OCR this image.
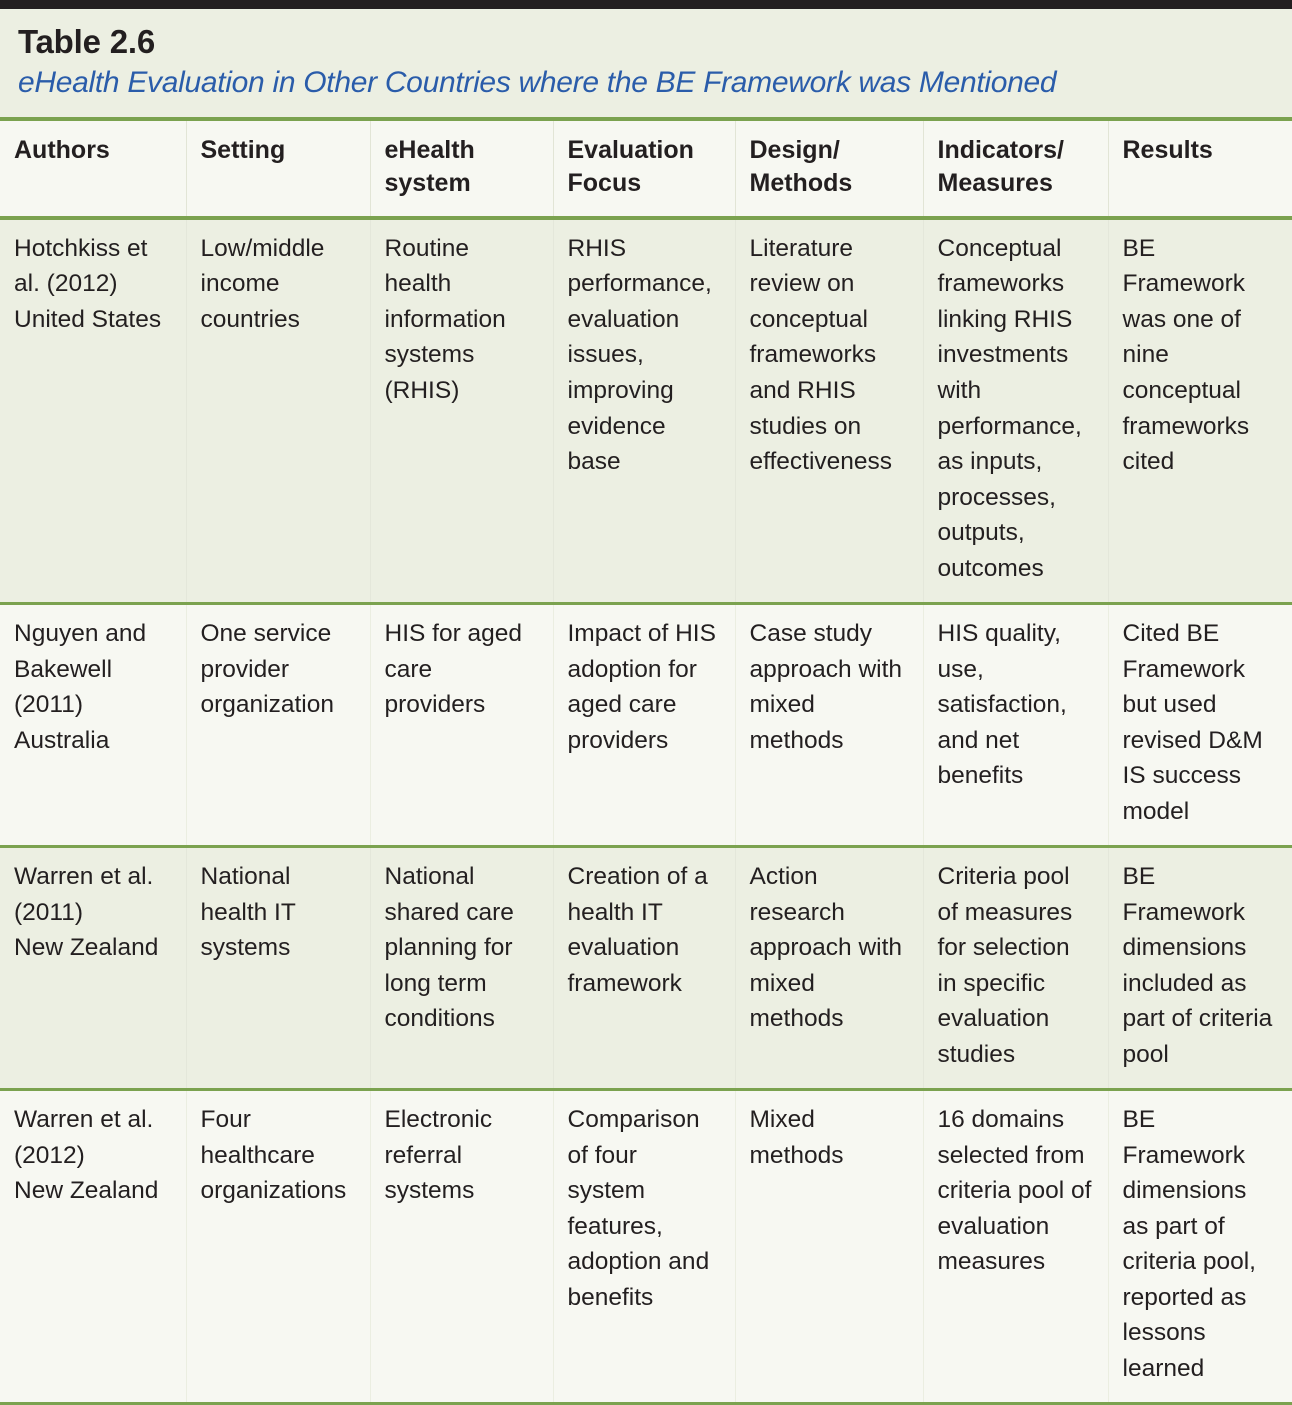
Table 2.6
eHealth Evaluation in Other Countries where the BE Framework was Mentioned
Authors	Setting	eHealth system	Evaluation Focus	Design/ Methods	Indicators/ Measures	Results

Hotchkiss et al. (2012)
United States	Low/middle income countries	Routine health information systems (RHIS)	RHIS performance, evaluation issues, improving evidence base	Literature review on conceptual frameworks and RHIS studies on effectiveness	Conceptual frameworks linking RHIS investments with performance, as inputs, processes, outputs, outcomes	BE Framework was one of nine conceptual frameworks cited

Nguyen and Bakewell (2011)
Australia	One service provider organization	HIS for aged care providers	Impact of HIS adoption for aged care providers	Case study approach with mixed methods	HIS quality, use, satisfaction, and net benefits	Cited BE Framework but used revised D&M IS success model

Warren et al. (2011)
New Zealand	National health IT systems	National shared care planning for long term conditions	Creation of a health IT evaluation framework	Action research approach with mixed methods	Criteria pool of measures for selection in specific evaluation studies	BE Framework dimensions included as part of criteria pool

Warren et al. (2012)
New Zealand	Four healthcare organizations	Electronic referral systems	Comparison of four system features, adoption and benefits	Mixed methods	16 domains selected from criteria pool of evaluation measures	BE Framework dimensions as part of criteria pool, reported as lessons learned
